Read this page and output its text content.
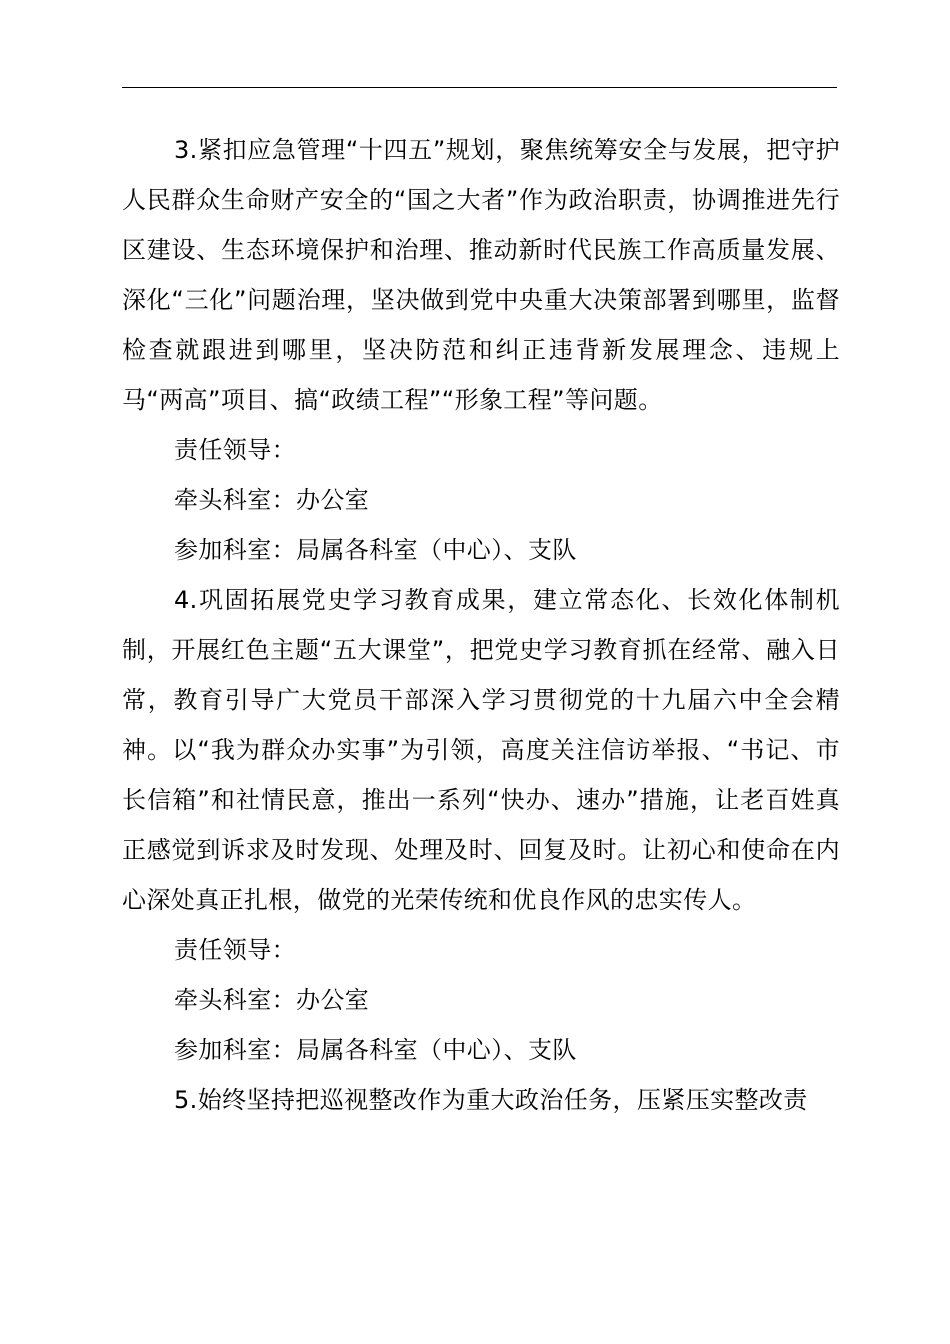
3.紧扣应急管理“十四五”规划，聚焦统筹安全与发展，把守护人民群众生命财产安全的“国之大者”作为政治职责，协调推进先行区建设、生态环境保护和治理、推动新时代民族工作高质量发展、深化“三化”问题治理，坚决做到党中央重大决策部署到哪里，监督检查就跟进到哪里，坚决防范和纠正违背新发展理念、违规上马“两高”项目、搞“政绩工程”“形象工程”等问题。

责任领导：

牵头科室：办公室

参加科室：局属各科室（中心）、支队

4.巩固拓展党史学习教育成果，建立常态化、长效化体制机制，开展红色主题“五大课堂”，把党史学习教育抓在经常、融入日常，教育引导广大党员干部深入学习贯彻党的十九届六中全会精神。以“我为群众办实事”为引领，高度关注信访举报、“书记、市长信箱”和社情民意，推出一系列“快办、速办”措施，让老百姓真正感觉到诉求及时发现、处理及时、回复及时。让初心和使命在内心深处真正扎根，做党的光荣传统和优良作风的忠实传人。

责任领导：

牵头科室：办公室

参加科室：局属各科室（中心）、支队

5.始终坚持把巡视整改作为重大政治任务，压紧压实整改责
